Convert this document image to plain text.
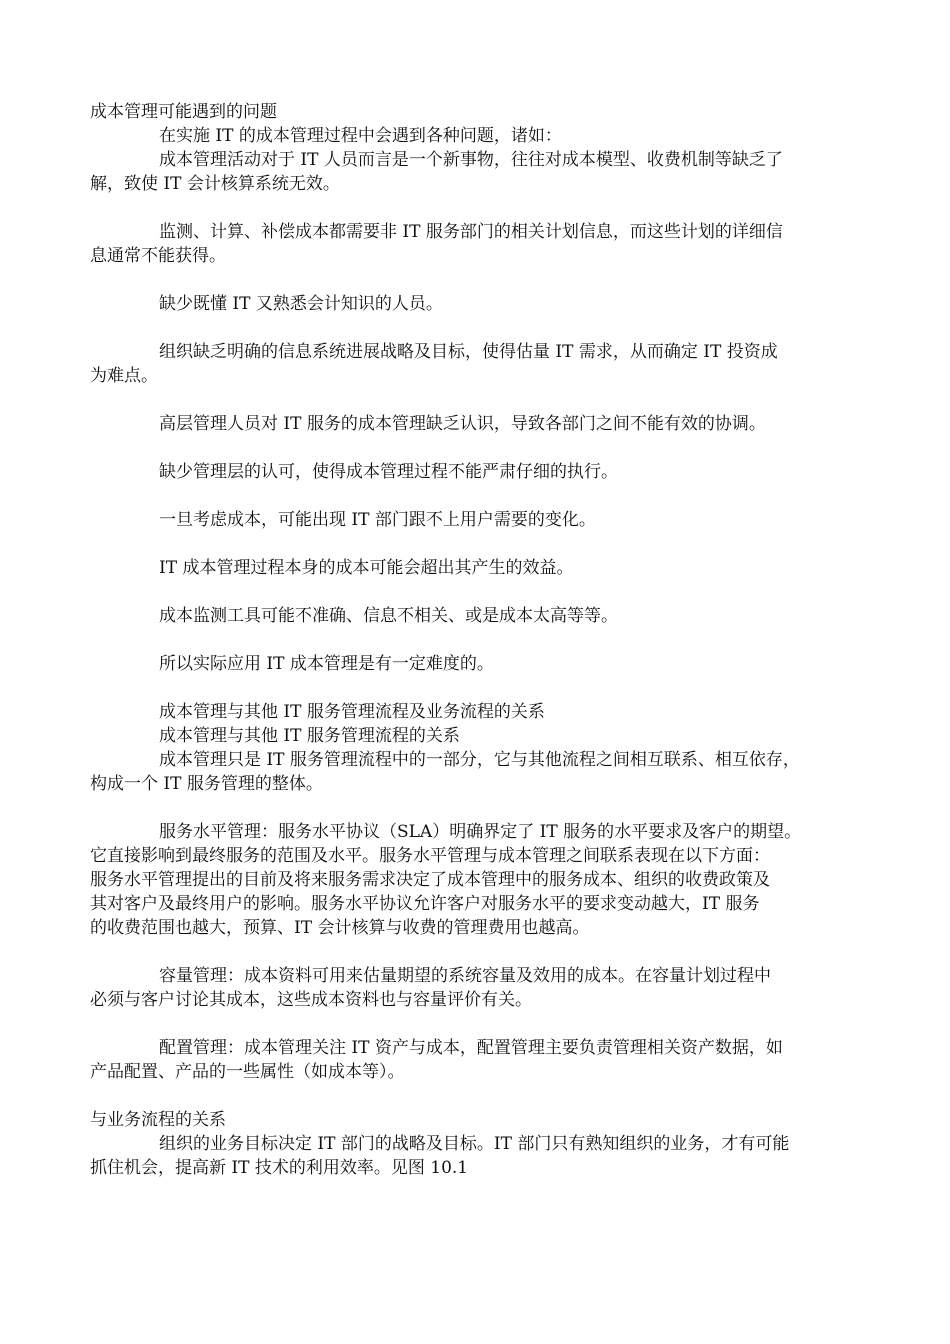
成本管理可能遇到的问题
在实施 IT 的成本管理过程中会遇到各种问题，诸如：
成本管理活动对于 IT 人员而言是一个新事物，往往对成本模型、收费机制等缺乏了
解，致使 IT 会计核算系统无效。
监测、计算、补偿成本都需要非 IT 服务部门的相关计划信息，而这些计划的详细信
息通常不能获得。
缺少既懂 IT 又熟悉会计知识的人员。
组织缺乏明确的信息系统进展战略及目标，使得估量 IT 需求，从而确定 IT 投资成
为难点。
高层管理人员对 IT 服务的成本管理缺乏认识，导致各部门之间不能有效的协调。
缺少管理层的认可，使得成本管理过程不能严肃仔细的执行。
一旦考虑成本，可能出现 IT 部门跟不上用户需要的变化。
IT 成本管理过程本身的成本可能会超出其产生的效益。
成本监测工具可能不准确、信息不相关、或是成本太高等等。
所以实际应用 IT 成本管理是有一定难度的。
成本管理与其他 IT 服务管理流程及业务流程的关系
成本管理与其他 IT 服务管理流程的关系
成本管理只是 IT 服务管理流程中的一部分，它与其他流程之间相互联系、相互依存，
构成一个 IT 服务管理的整体。
服务水平管理：服务水平协议（SLA）明确界定了 IT 服务的水平要求及客户的期望。
它直接影响到最终服务的范围及水平。服务水平管理与成本管理之间联系表现在以下方面：
服务水平管理提出的目前及将来服务需求决定了成本管理中的服务成本、组织的收费政策及
其对客户及最终用户的影响。服务水平协议允许客户对服务水平的要求变动越大，IT 服务
的收费范围也越大，预算、IT 会计核算与收费的管理费用也越高。
容量管理：成本资料可用来估量期望的系统容量及效用的成本。在容量计划过程中
必须与客户讨论其成本，这些成本资料也与容量评价有关。
配置管理：成本管理关注 IT 资产与成本，配置管理主要负责管理相关资产数据，如
产品配置、产品的一些属性（如成本等）。
与业务流程的关系
组织的业务目标决定 IT 部门的战略及目标。IT 部门只有熟知组织的业务，才有可能
抓住机会，提高新 IT 技术的利用效率。见图 10.1
